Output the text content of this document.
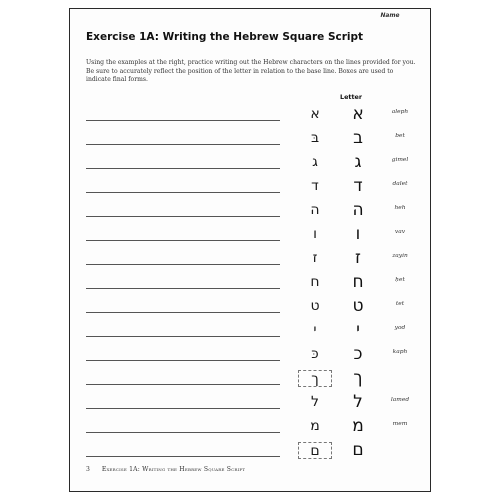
Exercise 1A: Writing the Hebrew Square Script

Using the examples at the right, practice writing out the Hebrew characters on the lines provided for you. Be sure to accurately reflect the position of the letter in relation to the base line. Boxes are used to indicate final forms.

Letter
Name
א	א	aleph
בּ	ב	bet
ג	ג	gimel
ד	ד	dalet
ה	ה	heh
ו	ו	vav
ז	ז	zayin
ח	ח	ḥet
ט	ט	tet
י	י	yod
כּ	כ	kaph
ך	ך
ל	ל	lamed
מ	מ	mem
ם	ם
3 Exercise 1A: Writing the Hebrew Square Script
